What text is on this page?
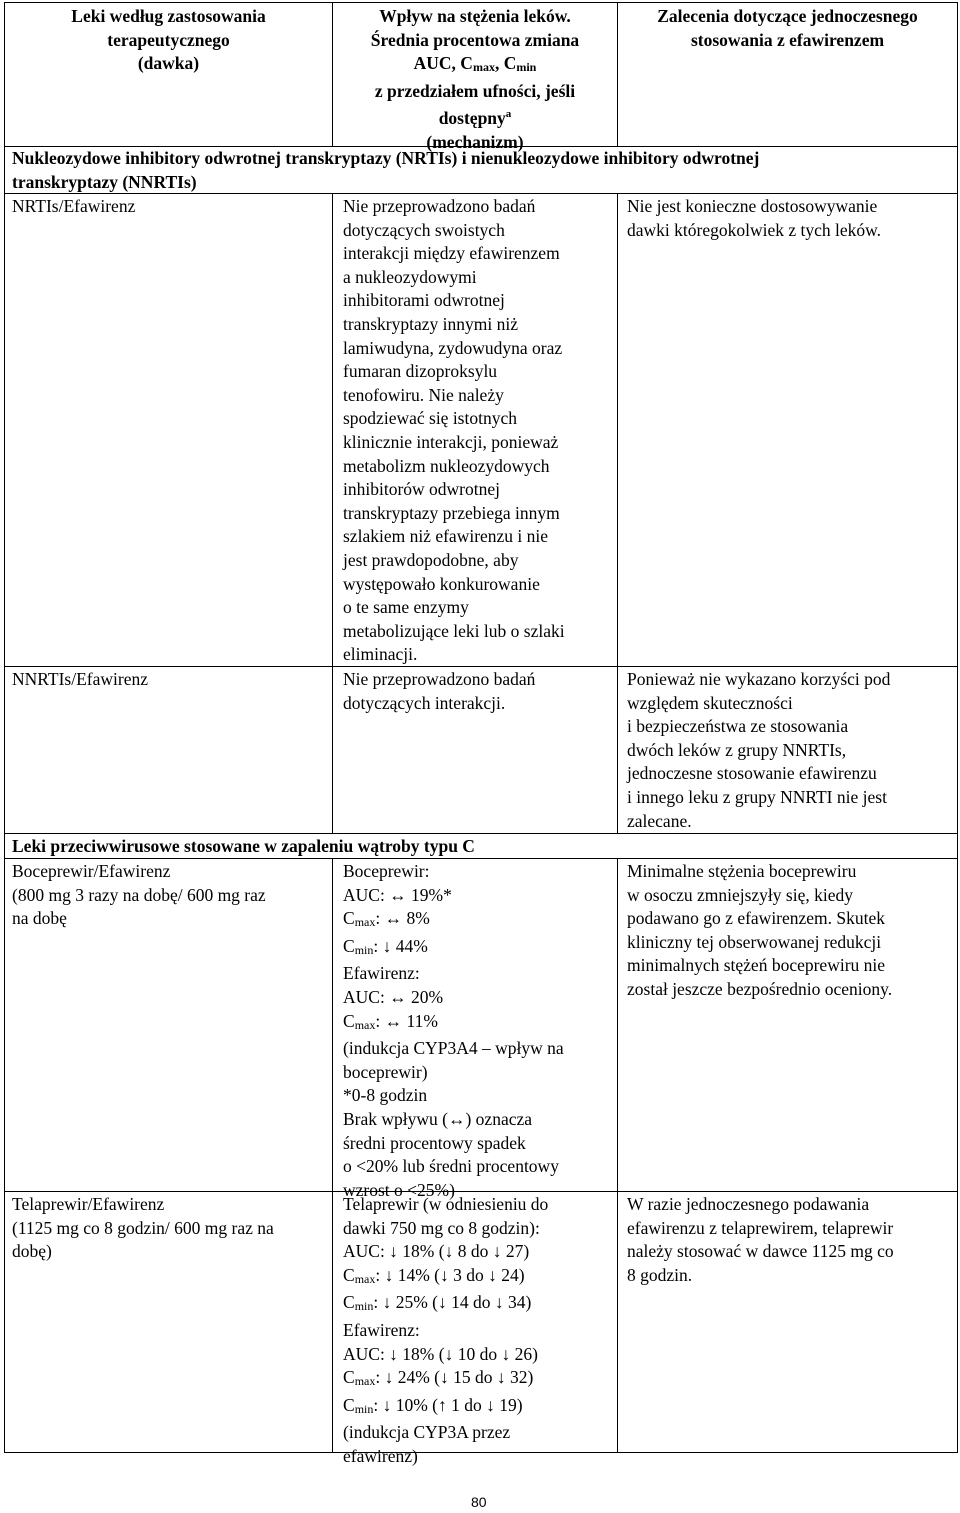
Leki według zastosowania
terapeutycznego
(dawka)
Wpływ na stężenia leków.
Średnia procentowa zmiana
AUC, Cmax, Cmin
z przedziałem ufności, jeśli
dostępny$^a$
(mechanizm)
Zalecenia dotyczące jednoczesnego
stosowania z efawirenzem
Nukleozydowe inhibitory odwrotnej transkryptazy (NRTIs) i nienukleozydowe inhibitory odwrotnej
transkryptazy (NNRTIs)
NRTIs/Efawirenz	Nie przeprowadzono badań
dotyczących swoistych
interakcji między efawirenzem
a nukleozydowymi
inhibitorami odwrotnej
transkryptazy innymi niż
lamiwudyna, zydowudyna oraz
fumaran dizoproksylu
tenofowiru. Nie należy
spodziewać się istotnych
klinicznie interakcji, ponieważ
metabolizm nukleozydowych
inhibitorów odwrotnej
transkryptazy przebiega innym
szlakiem niż efawirenzu i nie
jest prawdopodobne, aby
występowało konkurowanie
o te same enzymy
metabolizujące leki lub o szlaki
eliminacji.
Nie jest konieczne dostosowywanie
dawki któregokolwiek z tych leków.
NNRTIs/Efawirenz	Nie przeprowadzono badań
dotyczących interakcji.
Ponieważ nie wykazano korzyści pod
względem skuteczności
i bezpieczeństwa ze stosowania
dwóch leków z grupy NNRTIs,
jednoczesne stosowanie efawirenzu
i innego leku z grupy NNRTI nie jest
zalecane.
Leki przeciwwirusowe stosowane w zapaleniu wątroby typu C
Boceprewir/Efawirenz
(800 mg 3 razy na dobę/ 600 mg raz
na dobę
Boceprewir:
AUC: ↔ 19%*
Cmax: ↔ 8%
Cmin: ↓ 44%
Efawirenz:
AUC: ↔ 20%
Cmax: ↔ 11%
(indukcja CYP3A4 – wpływ na
boceprewir)
*0-8 godzin
Brak wpływu (↔) oznacza
średni procentowy spadek
o <20% lub średni procentowy
wzrost o <25%)
Minimalne stężenia boceprewiru
w osoczu zmniejszyły się, kiedy
podawano go z efawirenzem. Skutek
kliniczny tej obserwowanej redukcji
minimalnych stężeń boceprewiru nie
został jeszcze bezpośrednio oceniony.
Telaprewir/Efawirenz
(1125 mg co 8 godzin/ 600 mg raz na
dobę)
Telaprewir (w odniesieniu do
dawki 750 mg co 8 godzin):
AUC: ↓ 18% (↓ 8 do ↓ 27)
Cmax: ↓ 14% (↓ 3 do ↓ 24)
Cmin: ↓ 25% (↓ 14 do ↓ 34)
Efawirenz:
AUC: ↓ 18% (↓ 10 do ↓ 26)
Cmax: ↓ 24% (↓ 15 do ↓ 32)
Cmin: ↓ 10% (↑ 1 do ↓ 19)
(indukcja CYP3A przez
efawirenz)
W razie jednoczesnego podawania
efawirenzu z telaprewirem, telaprewir
należy stosować w dawce 1125 mg co
8 godzin.
80
